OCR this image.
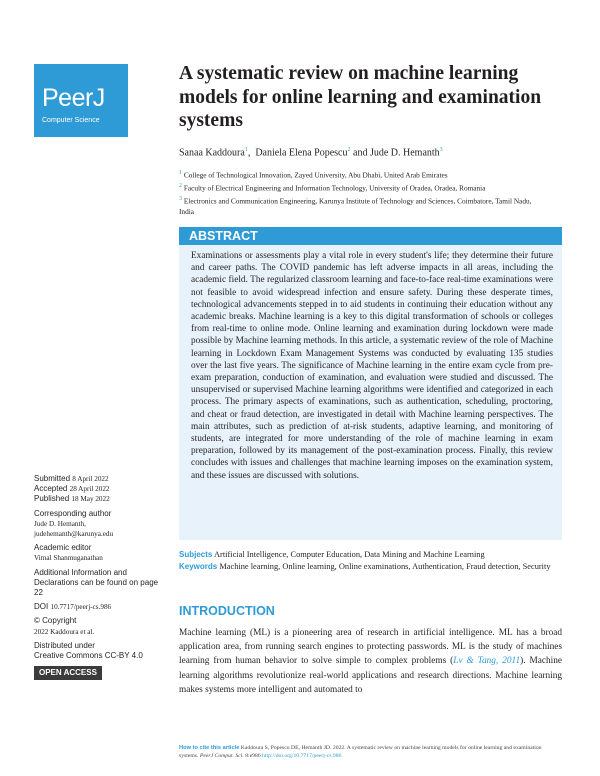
PeerJ
Computer Science
A systematic review on machine learning models for online learning and examination systems
Sanaa Kaddoura$^1$, Daniela Elena Popescu$^2$ and Jude D. Hemanth$^3$
$^1$ College of Technological Innovation, Zayed University, Abu Dhabi, United Arab Emirates
$^2$ Faculty of Electrical Engineering and Information Technology, University of Oradea, Oradea, Romania
$^3$ Electronics and Communication Engineering, Karunya Institute of Technology and Sciences, Coimbatore, Tamil Nadu, India
ABSTRACT
Examinations or assessments play a vital role in every student's life; they determine their future and career paths. The COVID pandemic has left adverse impacts in all areas, including the academic field. The regularized classroom learning and face-to-face real-time examinations were not feasible to avoid widespread infection and ensure safety. During these desperate times, technological advancements stepped in to aid students in continuing their education without any academic breaks. Machine learning is a key to this digital transformation of schools or colleges from real-time to online mode. Online learning and examination during lockdown were made possible by Machine learning methods. In this article, a systematic review of the role of Machine learning in Lockdown Exam Management Systems was conducted by evaluating 135 studies over the last five years. The significance of Machine learning in the entire exam cycle from pre-exam preparation, conduction of examination, and evaluation were studied and discussed. The unsupervised or supervised Machine learning algorithms were identified and categorized in each process. The primary aspects of examinations, such as authentication, scheduling, proctoring, and cheat or fraud detection, are investigated in detail with Machine learning perspectives. The main attributes, such as prediction of at-risk students, adaptive learning, and monitoring of students, are integrated for more understanding of the role of machine learning in exam preparation, followed by its management of the post-examination process. Finally, this review concludes with issues and challenges that machine learning imposes on the examination system, and these issues are discussed with solutions.
Subjects Artificial Intelligence, Computer Education, Data Mining and Machine Learning
Keywords Machine learning, Online learning, Online examinations, Authentication, Fraud detection, Security
Submitted 8 April 2022
Accepted 28 April 2022
Published 18 May 2022
Corresponding author
Jude D. Hemanth,
judehemanth@karunya.edu
Academic editor
Vimal Shanmuganathan
Additional Information and Declarations can be found on page 22
DOI 10.7717/peerj-cs.986
© Copyright
2022 Kaddoura et al.
Distributed under
Creative Commons CC-BY 4.0
OPEN ACCESS
INTRODUCTION
Machine learning (ML) is a pioneering area of research in artificial intelligence. ML has a broad application area, from running search engines to protecting passwords. ML is the study of machines learning from human behavior to solve simple to complex problems (Lv & Tang, 2011). Machine learning algorithms revolutionize real-world applications and research directions. Machine learning makes systems more intelligent and automated to
How to cite this article Kaddoura S, Popescu DE, Hemanth JD. 2022. A systematic review on machine learning models for online learning and examination systems. PeerJ Comput. Sci. 8:e986 http://doi.org/10.7717/peerj-cs.986
